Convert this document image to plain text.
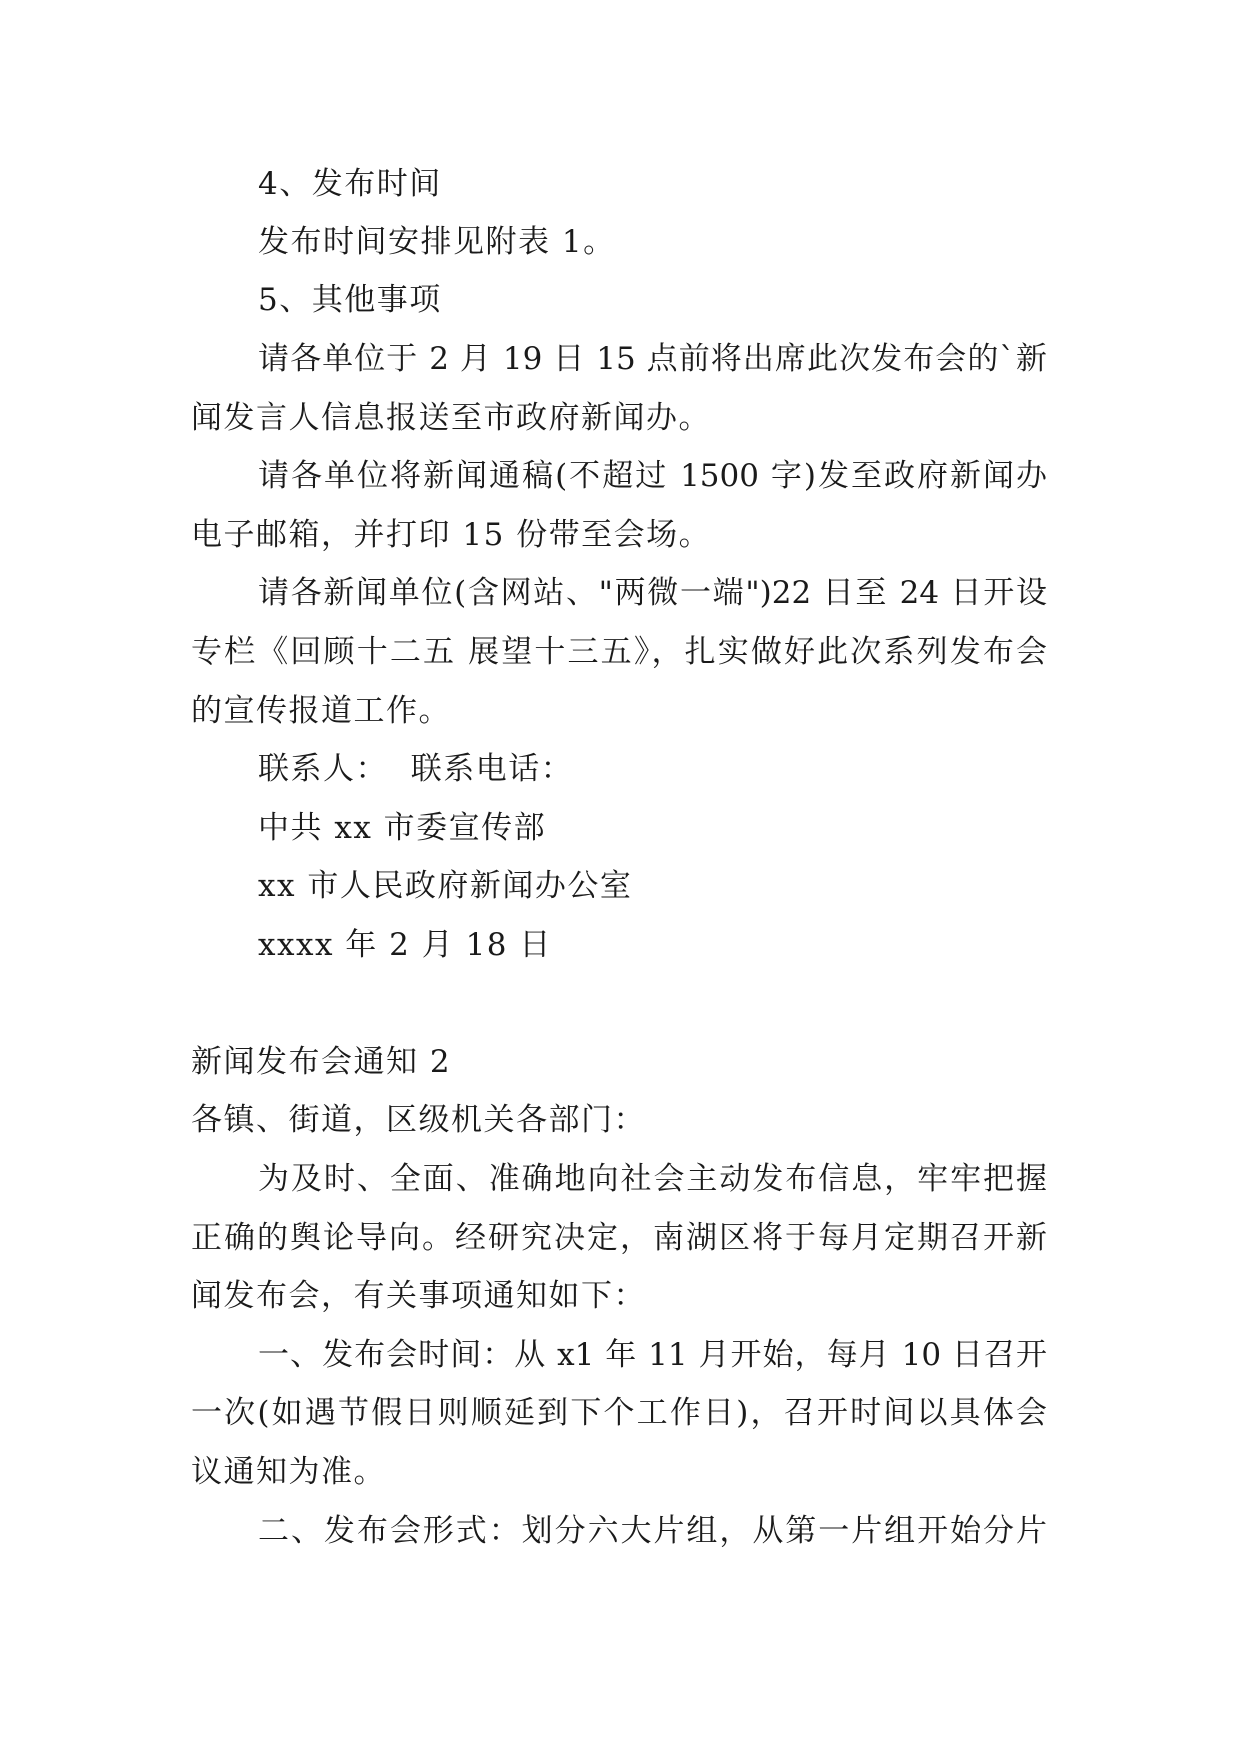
4、发布时间
发布时间安排见附表 1。
5、其他事项
请各单位于 2 月 19 日 15 点前将出席此次发布会的`新
闻发言人信息报送至市政府新闻办。
请各单位将新闻通稿(不超过 1500 字)发至政府新闻办
电子邮箱，并打印 15 份带至会场。
请各新闻单位(含网站、"两微一端")22 日至 24 日开设
专栏《回顾十二五 展望十三五》，扎实做好此次系列发布会
的宣传报道工作。
联系人：  联系电话：
中共 xx 市委宣传部
xx 市人民政府新闻办公室
xxxx 年 2 月 18 日
新闻发布会通知 2
各镇、街道，区级机关各部门：
为及时、全面、准确地向社会主动发布信息，牢牢把握
正确的舆论导向。经研究决定，南湖区将于每月定期召开新
闻发布会，有关事项通知如下：
一、发布会时间：从 x1 年 11 月开始，每月 10 日召开
一次(如遇节假日则顺延到下个工作日)，召开时间以具体会
议通知为准。
二、发布会形式：划分六大片组，从第一片组开始分片
